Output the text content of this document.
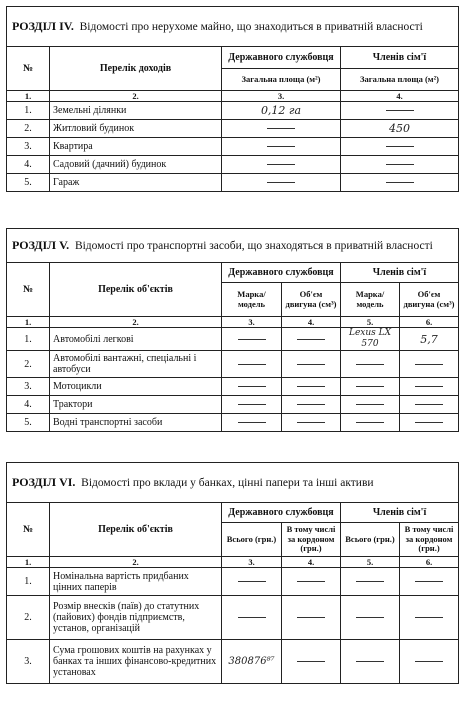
РОЗДІЛ IV. Відомості про нерухоме майно, що знаходиться в приватній власності			
№	Перелік доходів	Державного службовця	Членів сім'ї
		Загальна площа (м²)	Загальна площа (м²)
1.	2.	3.	4.
1.	Земельні ділянки	0,12 га	
2.	Житловий будинок		450
3.	Квартира		
4.	Садовий (дачний) будинок		
5.	Гараж		
РОЗДІЛ V. Відомості про транспортні засоби, що знаходяться в приватній власності					
№	Перелік об'єктів	Державного службовця		Членів сім'ї	
		Марка/ модель	Об'єм двигуна (см³)	Марка/ модель	Об'єм двигуна (см³)
1.	2.	3.	4.	5.	6.
1.	Автомобілі легкові			Lexus LX 570	5,7
2.	Автомобілі вантажні, спеціальні і автобуси				
3.	Мотоцикли				
4.	Трактори				
5.	Водні транспортні засоби				
РОЗДІЛ VI. Відомості про вклади у банках, цінні папери та інші активи					
№	Перелік об'єктів	Державного службовця		Членів сім'ї	
		Всього (грн.)	В тому числі за кордоном (грн.)	Всього (грн.)	В тому числі за кордоном (грн.)
1.	2.	3.	4.	5.	6.
1.	Номінальна вартість придбаних цінних паперів				
2.	Розмір внесків (паїв) до статутних (пайових) фондів підприємств, установ, організацій				
3.	Сума грошових коштів на рахунках у банках та інших фінансово-кредитних установах	380876⁸⁷			
